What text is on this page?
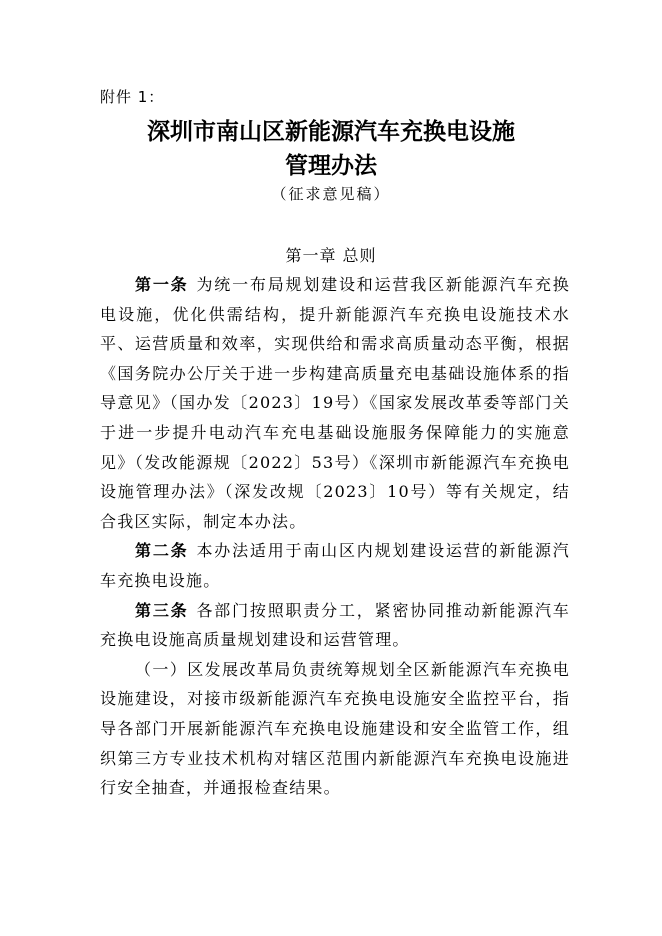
附件 1：
深圳市南山区新能源汽车充换电设施
管理办法
（征求意见稿）
第一章 总则

第一条 为统一布局规划建设和运营我区新能源汽车充换电设施，优化供需结构，提升新能源汽车充换电设施技术水平、运营质量和效率，实现供给和需求高质量动态平衡，根据《国务院办公厅关于进一步构建高质量充电基础设施体系的指导意见》（国办发〔2023〕19号）《国家发展改革委等部门关于进一步提升电动汽车充电基础设施服务保障能力的实施意见》（发改能源规〔2022〕53号）《深圳市新能源汽车充换电设施管理办法》（深发改规〔2023〕10号）等有关规定，结合我区实际，制定本办法。

第二条 本办法适用于南山区内规划建设运营的新能源汽车充换电设施。

第三条 各部门按照职责分工，紧密协同推动新能源汽车充换电设施高质量规划建设和运营管理。

（一）区发展改革局负责统筹规划全区新能源汽车充换电设施建设，对接市级新能源汽车充换电设施安全监控平台，指导各部门开展新能源汽车充换电设施建设和安全监管工作，组织第三方专业技术机构对辖区范围内新能源汽车充换电设施进行安全抽查，并通报检查结果。
